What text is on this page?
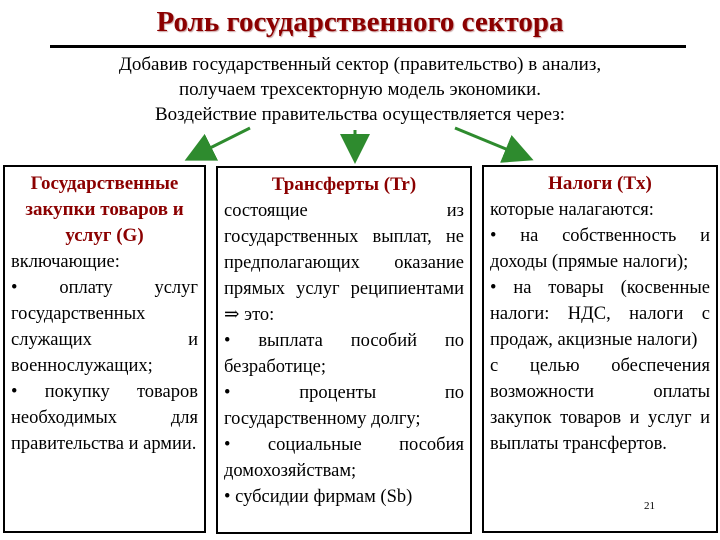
Роль государственного сектора
Добавив государственный сектор (правительство) в анализ,
получаем трехсекторную модель экономики.
Воздействие правительства осуществляется через:
Государственные закупки товаров и услуг (G)

включающие:

• оплату услуг государственных служащих и военнослужащих;
• покупку товаров необходимых для правительства и армии.
Трансферты (Tr)

состоящие из государственных выплат, не предполагающих оказание прямых услуг реципиентами ⇒ это:

• выплата пособий по безработице;
• проценты по государственному долгу;
• социальные пособия домохозяйствам;
• субсидии фирмам (Sb)
Налоги (Tx)

которые налагаются:

• на собственность и доходы (прямые налоги);
• на товары (косвенные налоги: НДС, налоги с продаж, акцизные налоги)
с целью обеспечения возможности оплаты закупок товаров и услуг и выплаты трансфертов.
21
